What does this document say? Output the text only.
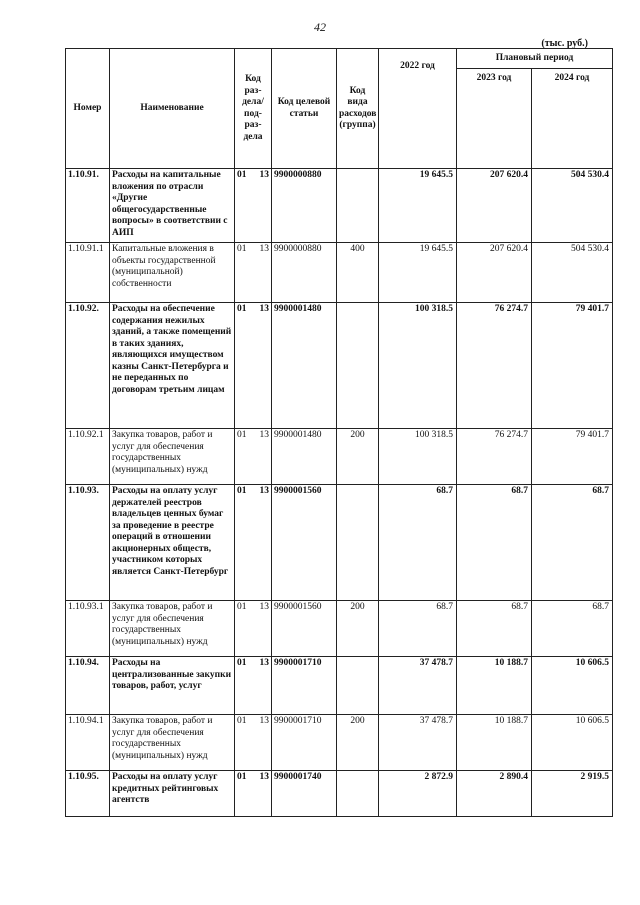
42
(тыс. руб.)
Номер	Наименование	Код раз-дела/ под-раз-дела	Код целевой статьи	Код вида расходов (группа)	2022 год	Плановый период	
						2023 год	2024 год
1.10.91.	Расходы на капитальные вложения по отрасли «Другие общегосударственные вопросы» в соответствии с АИП	01 13	9900000880		19 645.5	207 620.4	504 530.4
1.10.91.1	Капитальные вложения в объекты государственной (муниципальной) собственности	01 13	9900000880	400	19 645.5	207 620.4	504 530.4
1.10.92.	Расходы на обеспечение содержания нежилых зданий, а также помещений в таких зданиях, являющихся имуществом казны Санкт-Петербурга и не переданных по договорам третьим лицам	01 13	9900001480		100 318.5	76 274.7	79 401.7
1.10.92.1	Закупка товаров, работ и услуг для обеспечения государственных (муниципальных) нужд	01 13	9900001480	200	100 318.5	76 274.7	79 401.7
1.10.93.	Расходы на оплату услуг держателей реестров владельцев ценных бумаг за проведение в реестре операций в отношении акционерных обществ, участником которых является Санкт-Петербург	01 13	9900001560		68.7	68.7	68.7
1.10.93.1	Закупка товаров, работ и услуг для обеспечения государственных (муниципальных) нужд	01 13	9900001560	200	68.7	68.7	68.7
1.10.94.	Расходы на централизованные закупки товаров, работ, услуг	01 13	9900001710		37 478.7	10 188.7	10 606.5
1.10.94.1	Закупка товаров, работ и услуг для обеспечения государственных (муниципальных) нужд	01 13	9900001710	200	37 478.7	10 188.7	10 606.5
1.10.95.	Расходы на оплату услуг кредитных рейтинговых агентств	01 13	9900001740		2 872.9	2 890.4	2 919.5
